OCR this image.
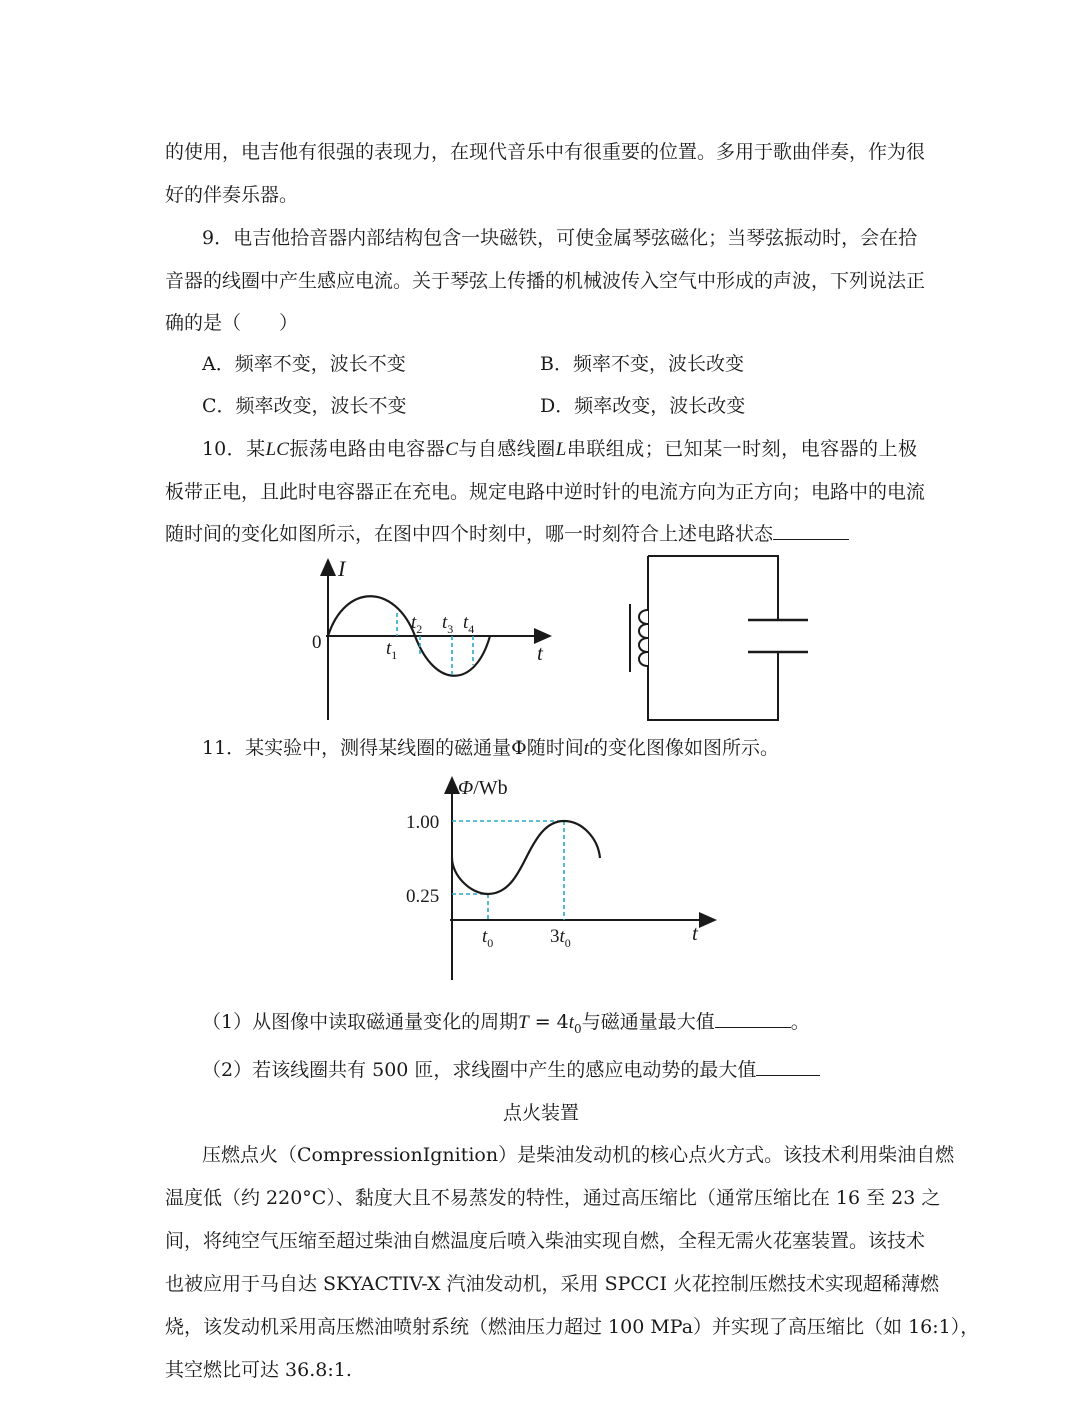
的使用，电吉他有很强的表现力，在现代音乐中有很重要的位置。多用于歌曲伴奏，作为很
好的伴奏乐器。
9．电吉他拾音器内部结构包含一块磁铁，可使金属琴弦磁化；当琴弦振动时，会在拾
音器的线圈中产生感应电流。关于琴弦上传播的机械波传入空气中形成的声波，下列说法正
确的是（　　）
A．频率不变，波长不变	B．频率不变，波长改变
C．频率改变，波长不变	D．频率改变，波长改变
10．某LC振荡电路由电容器C与自感线圈L串联组成；已知某一时刻，电容器的上极
板带正电，且此时电容器正在充电。规定电路中逆时针的电流方向为正方向；电路中的电流
随时间的变化如图所示，在图中四个时刻中，哪一时刻符合上述电路状态
I
0	t
$t_1$
$t_2$ $t_3$ $t_4$
11．某实验中，测得某线圈的磁通量Φ随时间t的变化图像如图所示。
Φ/Wb
1.00
0.25
t
$t_0$	$3t_0$
（1）从图像中读取磁通量变化的周期$T = 4t_0$与磁通量最大值	。
（2）若该线圈共有 500 匝，求线圈中产生的感应电动势的最大值
点火装置
压燃点火（CompressionIgnition）是柴油发动机的核心点火方式。该技术利用柴油自燃
温度低（约 220°C）、黏度大且不易蒸发的特性，通过高压缩比（通常压缩比在 16 至 23 之
间，将纯空气压缩至超过柴油自燃温度后喷入柴油实现自燃，全程无需火花塞装置。该技术
也被应用于马自达 SKYACTIV-X 汽油发动机，采用 SPCCI 火花控制压燃技术实现超稀薄燃
烧，该发动机采用高压燃油喷射系统（燃油压力超过 100 MPa）并实现了高压缩比（如 16:1），
其空燃比可达 36.8:1.
